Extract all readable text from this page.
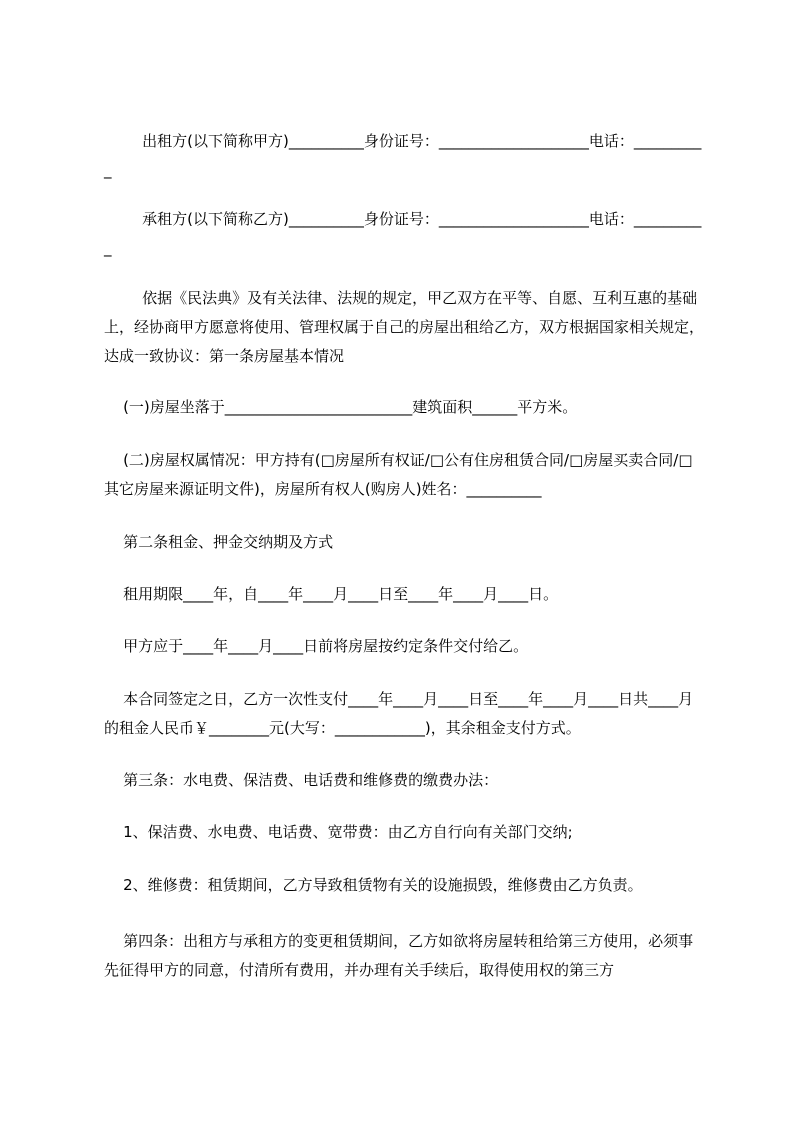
出租方(以下简称甲方)__________身份证号：____________________电话：__________

承租方(以下简称乙方)__________身份证号：____________________电话：__________

依据《民法典》及有关法律、法规的规定，甲乙双方在平等、自愿、互利互惠的基础上，经协商甲方愿意将使用、管理权属于自己的房屋出租给乙方，双方根据国家相关规定，达成一致协议：第一条房屋基本情况

(一)房屋坐落于_________________________建筑面积______平方米。

(二)房屋权属情况：甲方持有(□房屋所有权证/□公有住房租赁合同/□房屋买卖合同/□其它房屋来源证明文件)，房屋所有权人(购房人)姓名：__________

第二条租金、押金交纳期及方式

租用期限____年，自____年____月____日至____年____月____日。

甲方应于____年____月____日前将房屋按约定条件交付给乙。

本合同签定之日，乙方一次性支付____年____月____日至____年____月____日共____月的租金人民币￥________元(大写：____________)，其余租金支付方式。

第三条：水电费、保洁费、电话费和维修费的缴费办法：

1、保洁费、水电费、电话费、宽带费：由乙方自行向有关部门交纳;

2、维修费：租赁期间，乙方导致租赁物有关的设施损毁，维修费由乙方负责。

第四条：出租方与承租方的变更租赁期间，乙方如欲将房屋转租给第三方使用，必须事先征得甲方的同意，付清所有费用，并办理有关手续后，取得使用权的第三方
